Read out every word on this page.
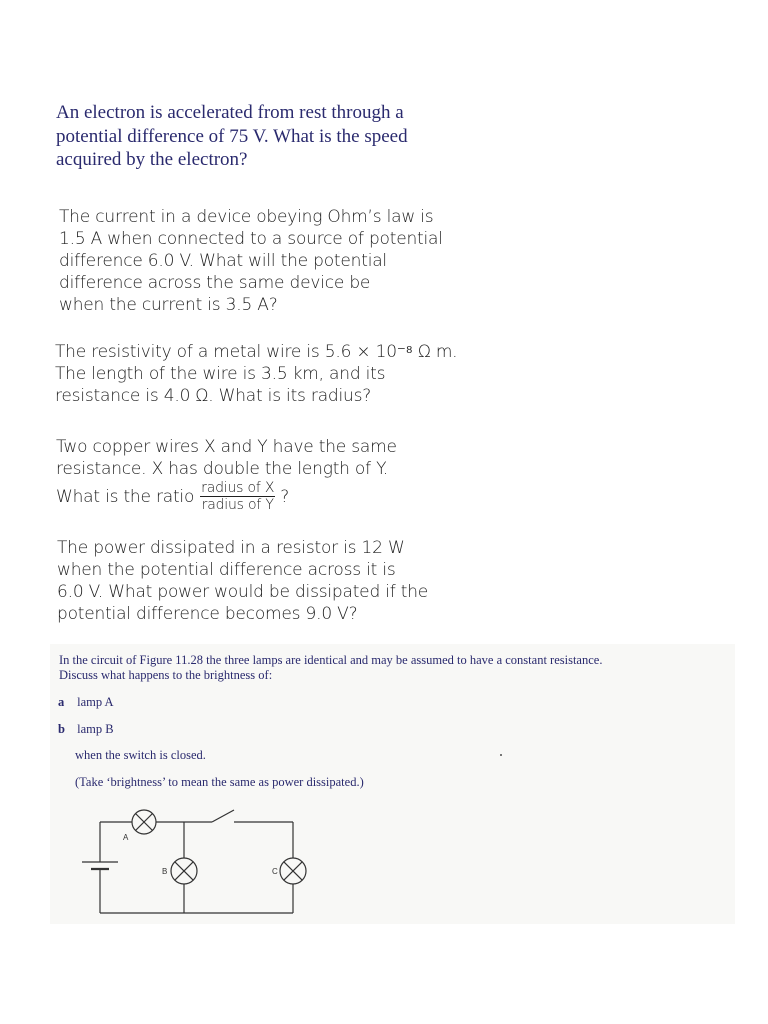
An electron is accelerated from rest through a
potential difference of 75 V. What is the speed
acquired by the electron?
The current in a device obeying Ohm’s law is
1.5 A when connected to a source of potential
difference 6.0 V. What will the potential
difference across the same device be
when the current is 3.5 A?
The resistivity of a metal wire is 5.6 × 10⁻⁸ Ω m.
The length of the wire is 3.5 km, and its
resistance is 4.0 Ω. What is its radius?
Two copper wires X and Y have the same
resistance. X has double the length of Y.
What is the ratio $\frac{\text{radius of X}}{\text{radius of Y}}$ ?
The power dissipated in a resistor is 12 W
when the potential difference across it is
6.0 V. What power would be dissipated if the
potential difference becomes 9.0 V?
In the circuit of Figure 11.28 the three lamps are identical and may be assumed to have a constant resistance.
Discuss what happens to the brightness of:
a lamp A
b lamp B
when the switch is closed.
(Take ‘brightness’ to mean the same as power dissipated.)
A
B	C
